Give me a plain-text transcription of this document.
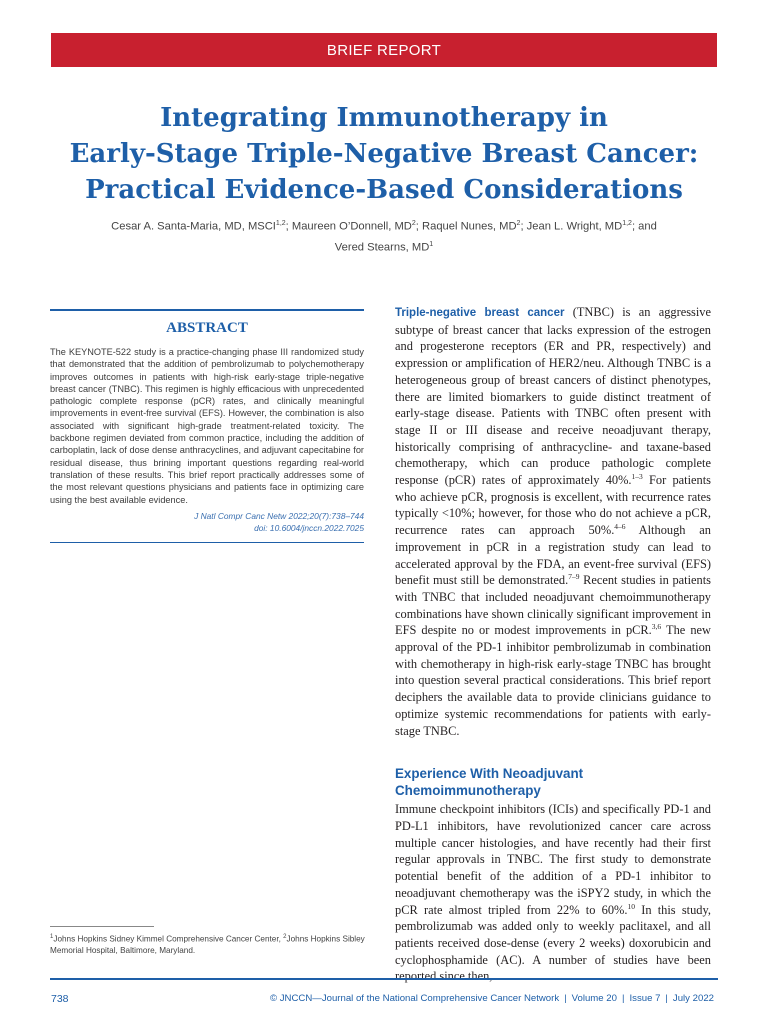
BRIEF REPORT
Integrating Immunotherapy in
Early-Stage Triple-Negative Breast Cancer:
Practical Evidence-Based Considerations
Cesar A. Santa-Maria, MD, MSCI$^{1,2}$; Maureen O’Donnell, $MD^2$; Raquel Nunes, $MD^2$; Jean L. Wright, MD$^{1,2}$; and
Vered Stearns, $MD^1$
ABSTRACT

The KEYNOTE-522 study is a practice-changing phase III randomized study that demonstrated that the addition of pembrolizumab to polychemotherapy improves outcomes in patients with high-risk early-stage triple-negative breast cancer (TNBC). This regimen is highly efficacious with unprecedented pathologic complete response (pCR) rates, and clinically meaningful improvements in event-free survival (EFS). However, the combination is also associated with significant high-grade treatment-related toxicity. The backbone regimen deviated from common practice, including the addition of carboplatin, lack of dose dense anthracyclines, and adjuvant capecitabine for residual disease, thus brining important questions regarding real-world translation of these results. This brief report practically addresses some of the most relevant questions physicians and patients face in optimizing care using the best available evidence.

J Natl Compr Canc Netw 2022;20(7):738–744
doi: 10.6004/jnccn.2022.7025
$^1$Johns Hopkins Sidney Kimmel Comprehensive Cancer Center, $^2$Johns Hopkins Sibley Memorial Hospital, Baltimore, Maryland.

Triple-negative breast cancer (TNBC) is an aggressive subtype of breast cancer that lacks expression of the estrogen and progesterone receptors (ER and PR, respectively) and expression or amplification of HER2/neu. Although TNBC is a heterogeneous group of breast cancers of distinct phenotypes, there are limited biomarkers to guide distinct treatment of early-stage disease. Patients with TNBC often present with stage II or III disease and receive neoadjuvant therapy, historically comprising of anthracycline- and taxane-based chemotherapy, which can produce pathologic complete response (pCR) rates of approximately 40%.$^{1-3}$ For patients who achieve pCR, prognosis is excellent, with recurrence rates typically <10%; however, for those who do not achieve a pCR, recurrence rates can approach 50%.$^{4-6}$ Although an improvement in pCR in a registration study can lead to accelerated approval by the FDA, an event-free survival (EFS) benefit must still be demonstrated.$^{7-9}$ Recent studies in patients with TNBC that included neoadjuvant chemoimmunotherapy combinations have shown clinically significant improvement in EFS despite no or modest improvements in pCR.$^{3,6}$ The new approval of the PD-1 inhibitor pembrolizumab in combination with chemotherapy in high-risk early-stage TNBC has brought into question several practical considerations. This brief report deciphers the available data to provide clinicians guidance to optimize systemic recommendations for patients with early-stage TNBC.

Experience With Neoadjuvant Chemoimmunotherapy

Immune checkpoint inhibitors (ICIs) and specifically PD-1 and PD-L1 inhibitors, have revolutionized cancer care across multiple cancer histologies, and have recently had their first regular approvals in TNBC. The first study to demonstrate potential benefit of the addition of a PD-1 inhibitor to neoadjuvant chemotherapy was the iSPY2 study, in which the pCR rate almost tripled from 22% to 60%.$^{10}$ In this study, pembrolizumab was added only to weekly paclitaxel, and all patients received dose-dense (every 2 weeks) doxorubicin and cyclophosphamide (AC). A number of studies have been reported since then,

738	© JNCCN—Journal of the National Comprehensive Cancer Network | Volume 20 | Issue 7 | July 2022
